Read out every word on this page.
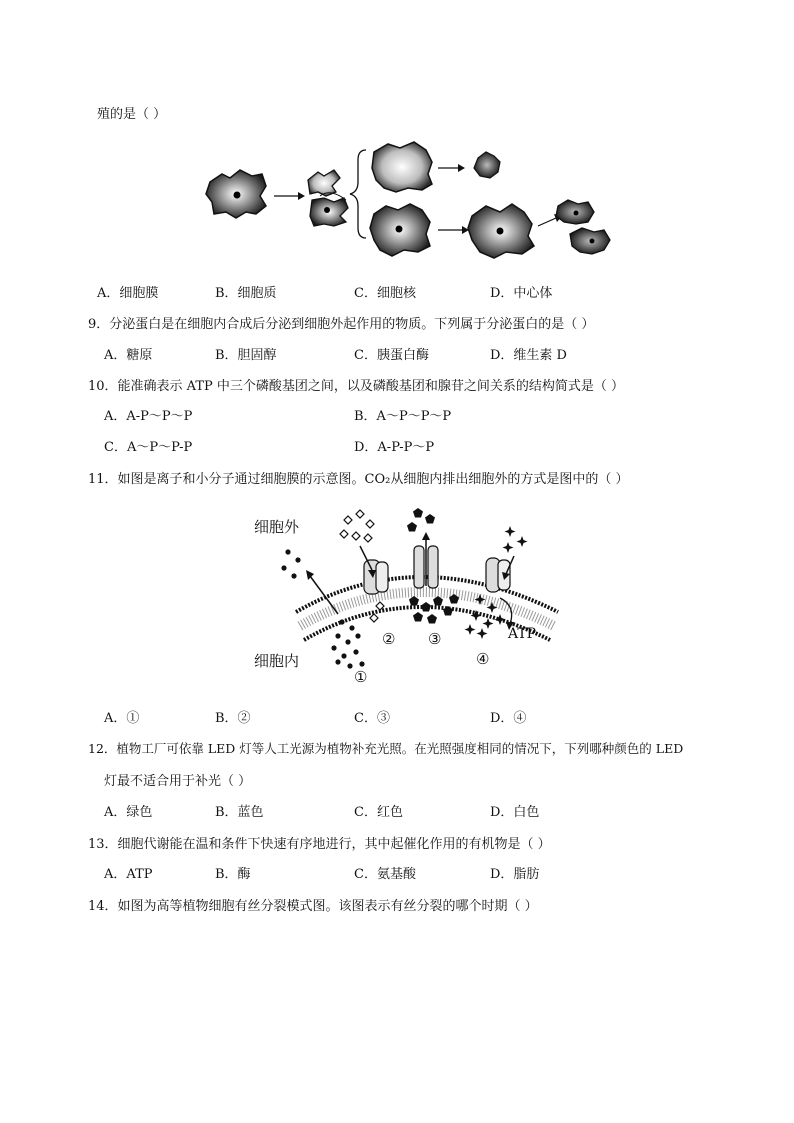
殖的是（ ）
A．细胞膜	B．细胞质	C．细胞核	D．中心体
9．分泌蛋白是在细胞内合成后分泌到细胞外起作用的物质。下列属于分泌蛋白的是（ ）
A．糖原	B．胆固醇	C．胰蛋白酶	D．维生素 D
10．能准确表示 ATP 中三个磷酸基团之间，以及磷酸基团和腺苷之间关系的结构简式是（ ）
A．A-P～P～P	B．A～P～P～P
C．A～P～P-P	D．A-P-P～P
11．如图是离子和小分子通过细胞膜的示意图。CO₂从细胞内排出细胞外的方式是图中的（ ）
细胞外
细胞内
ATP
①
② ③
④
A．①	B．②	C．③	D．④
12．植物工厂可依靠 LED 灯等人工光源为植物补充光照。在光照强度相同的情况下，下列哪种颜色的 LED
灯最不适合用于补光（ ）
A．绿色	B．蓝色	C．红色	D．白色
13．细胞代谢能在温和条件下快速有序地进行，其中起催化作用的有机物是（ ）
A．ATP	B．酶	C．氨基酸	D．脂肪
14．如图为高等植物细胞有丝分裂模式图。该图表示有丝分裂的哪个时期（ ）
